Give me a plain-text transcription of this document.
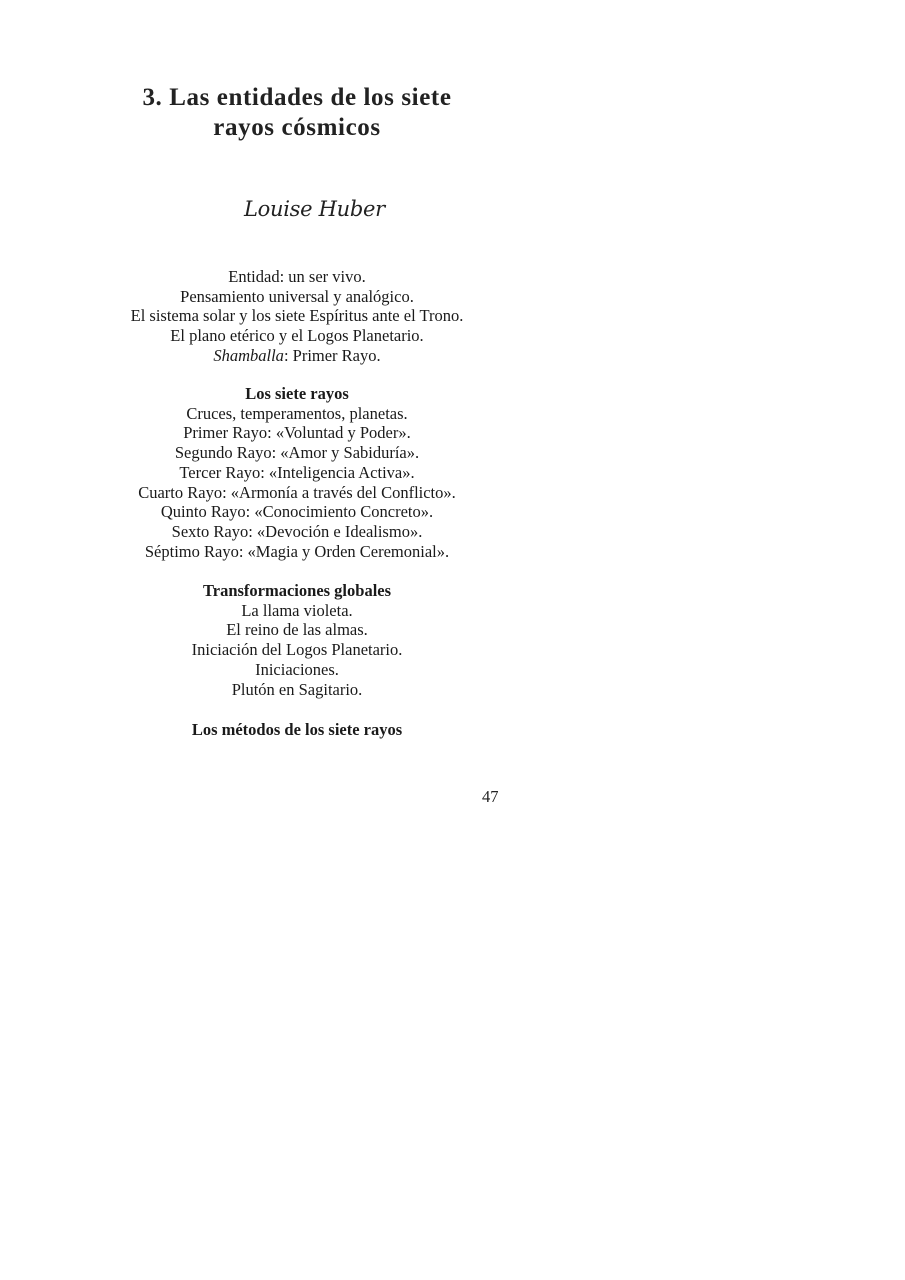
3. Las entidades de los siete
rayos cósmicos
Louise Huber
Entidad: un ser vivo.
Pensamiento universal y analógico.
El sistema solar y los siete Espíritus ante el Trono.
El plano etérico y el Logos Planetario.
Shamballa: Primer Rayo.
Los siete rayos
Cruces, temperamentos, planetas.
Primer Rayo: «Voluntad y Poder».
Segundo Rayo: «Amor y Sabiduría».
Tercer Rayo: «Inteligencia Activa».
Cuarto Rayo: «Armonía a través del Conflicto».
Quinto Rayo: «Conocimiento Concreto».
Sexto Rayo: «Devoción e Idealismo».
Séptimo Rayo: «Magia y Orden Ceremonial».
Transformaciones globales
La llama violeta.
El reino de las almas.
Iniciación del Logos Planetario.
Iniciaciones.
Plutón en Sagitario.
Los métodos de los siete rayos
47
